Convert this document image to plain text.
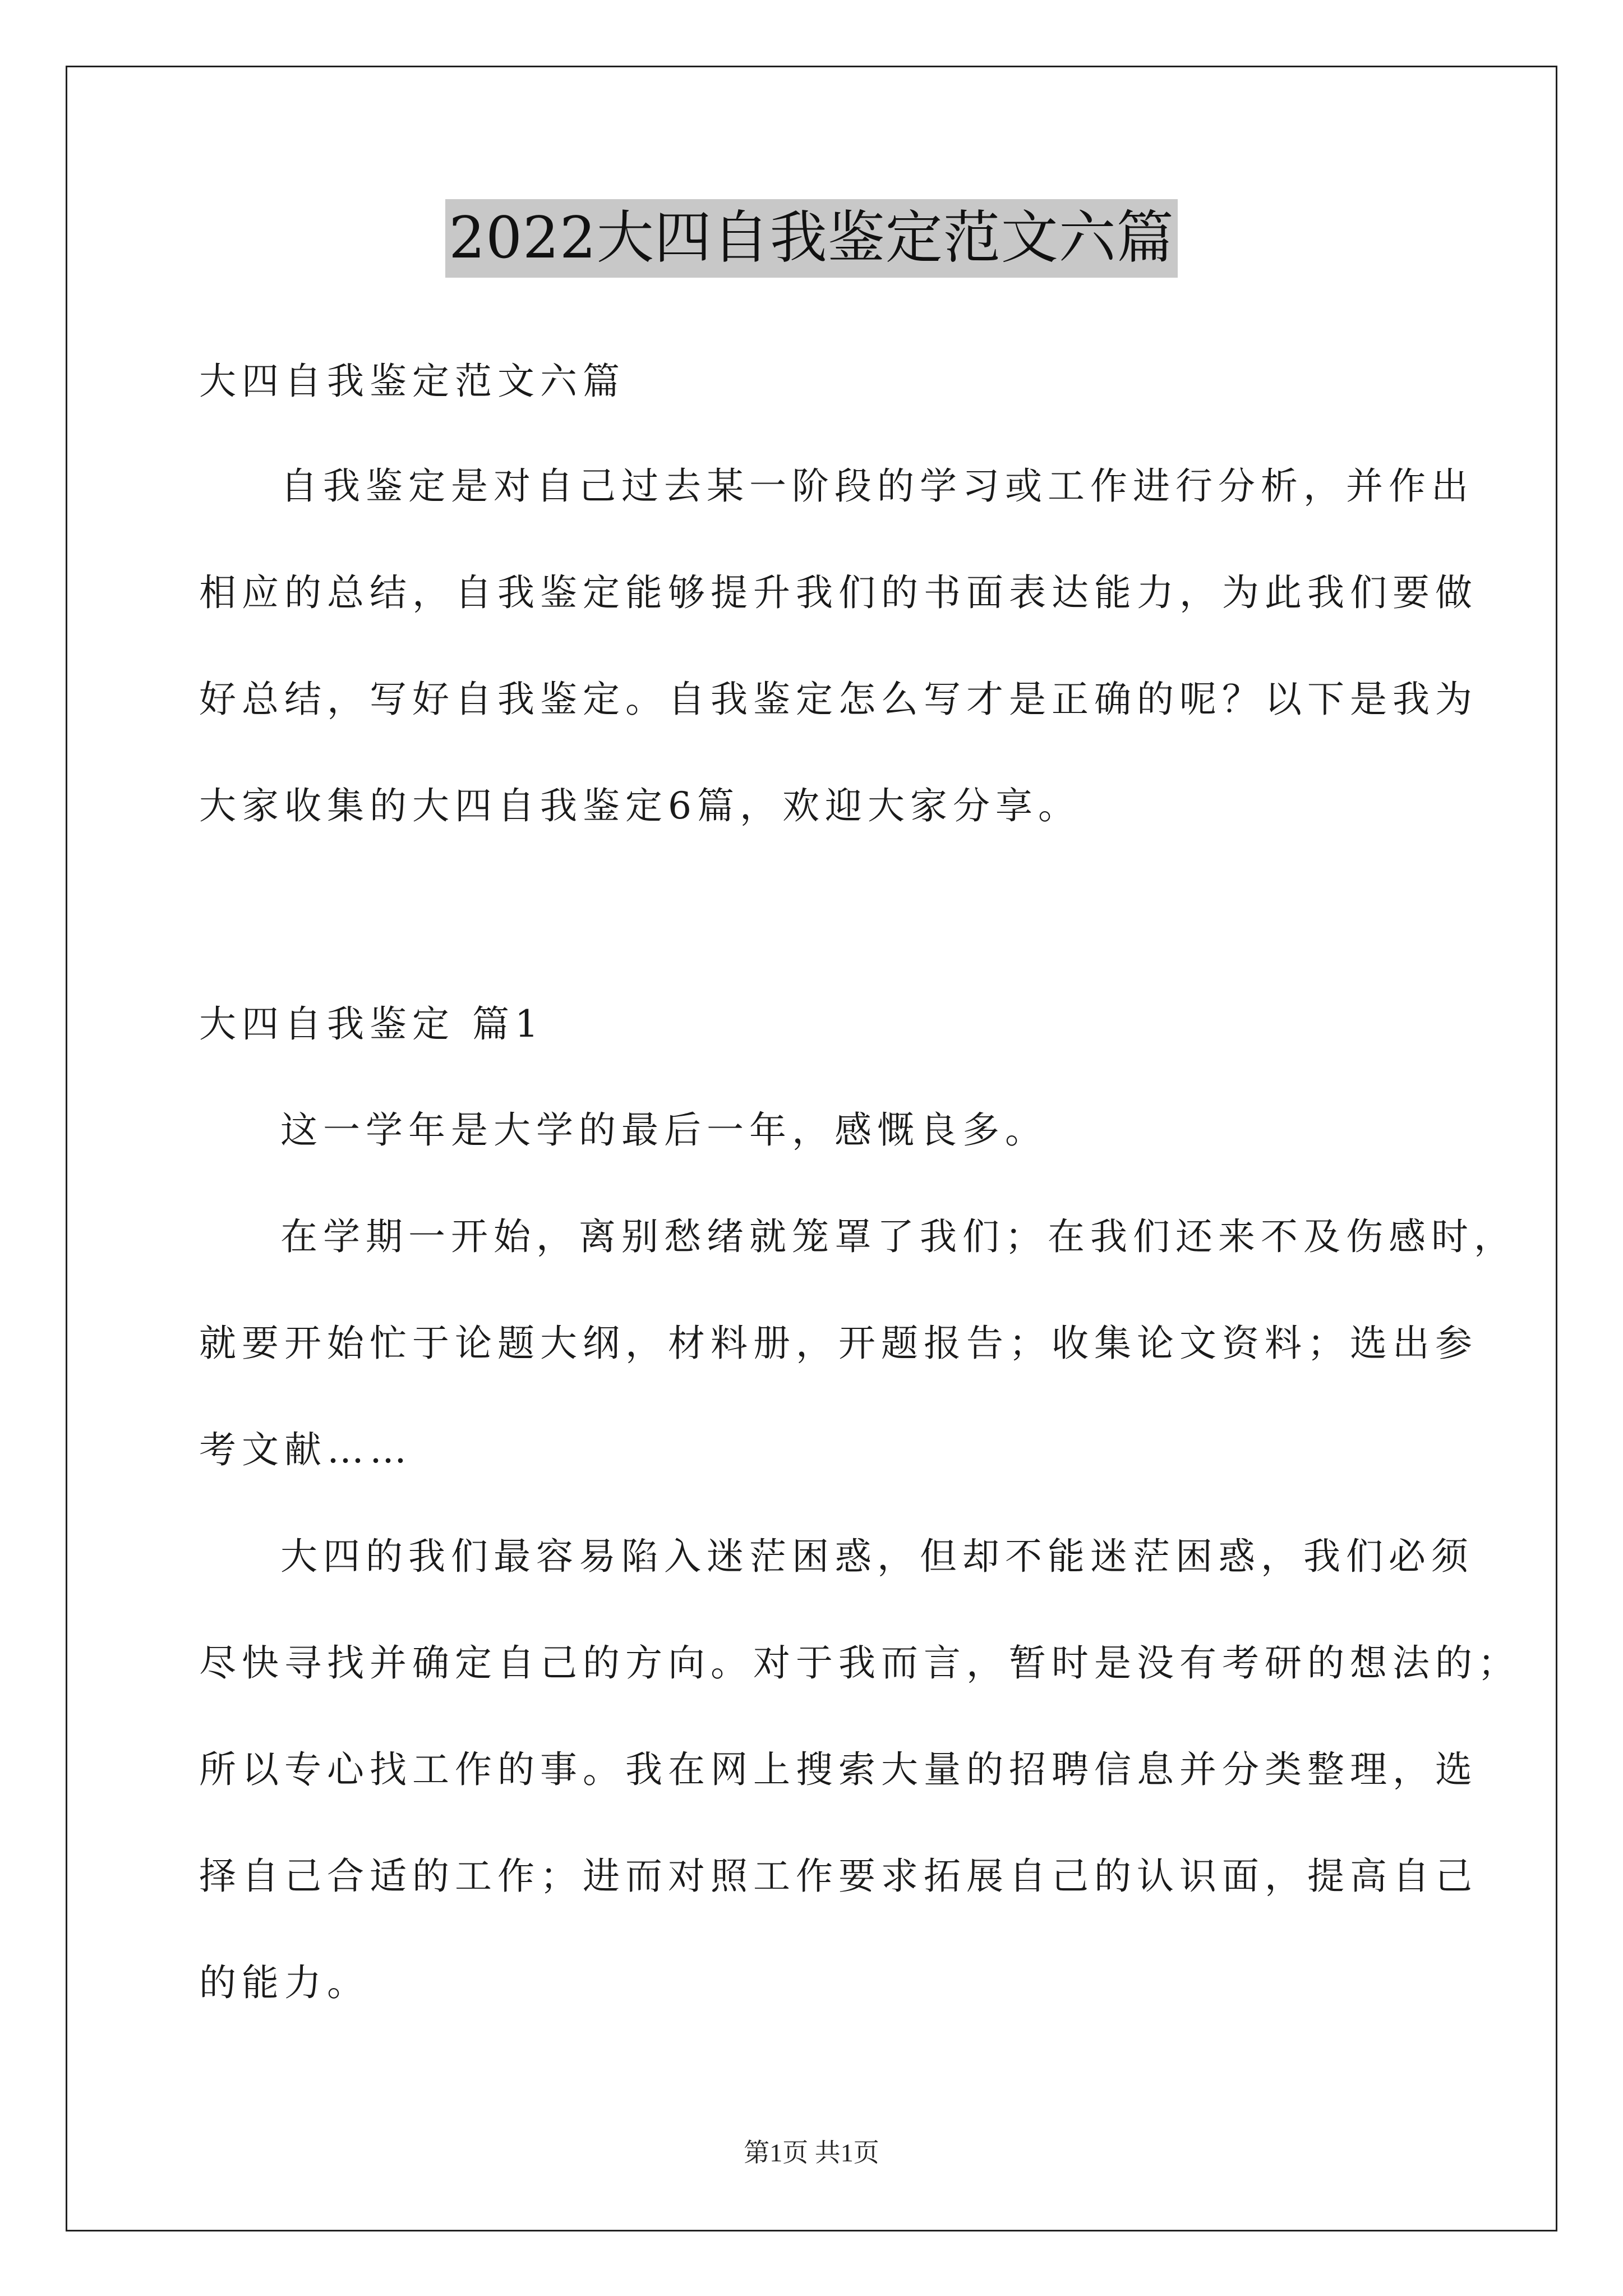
2022大四自我鉴定范文六篇
大四自我鉴定范文六篇
自我鉴定是对自己过去某一阶段的学习或工作进行分析，并作出
相应的总结，自我鉴定能够提升我们的书面表达能力，为此我们要做
好总结，写好自我鉴定。自我鉴定怎么写才是正确的呢？以下是我为
大家收集的大四自我鉴定6篇，欢迎大家分享。
大四自我鉴定 篇1
这一学年是大学的最后一年，感慨良多。
在学期一开始，离别愁绪就笼罩了我们；在我们还来不及伤感时，
就要开始忙于论题大纲，材料册，开题报告；收集论文资料；选出参
考文献……
大四的我们最容易陷入迷茫困惑，但却不能迷茫困惑，我们必须
尽快寻找并确定自己的方向。对于我而言，暂时是没有考研的想法的；
所以专心找工作的事。我在网上搜索大量的招聘信息并分类整理，选
择自己合适的工作；进而对照工作要求拓展自己的认识面，提高自己
的能力。
第1页 共1页
